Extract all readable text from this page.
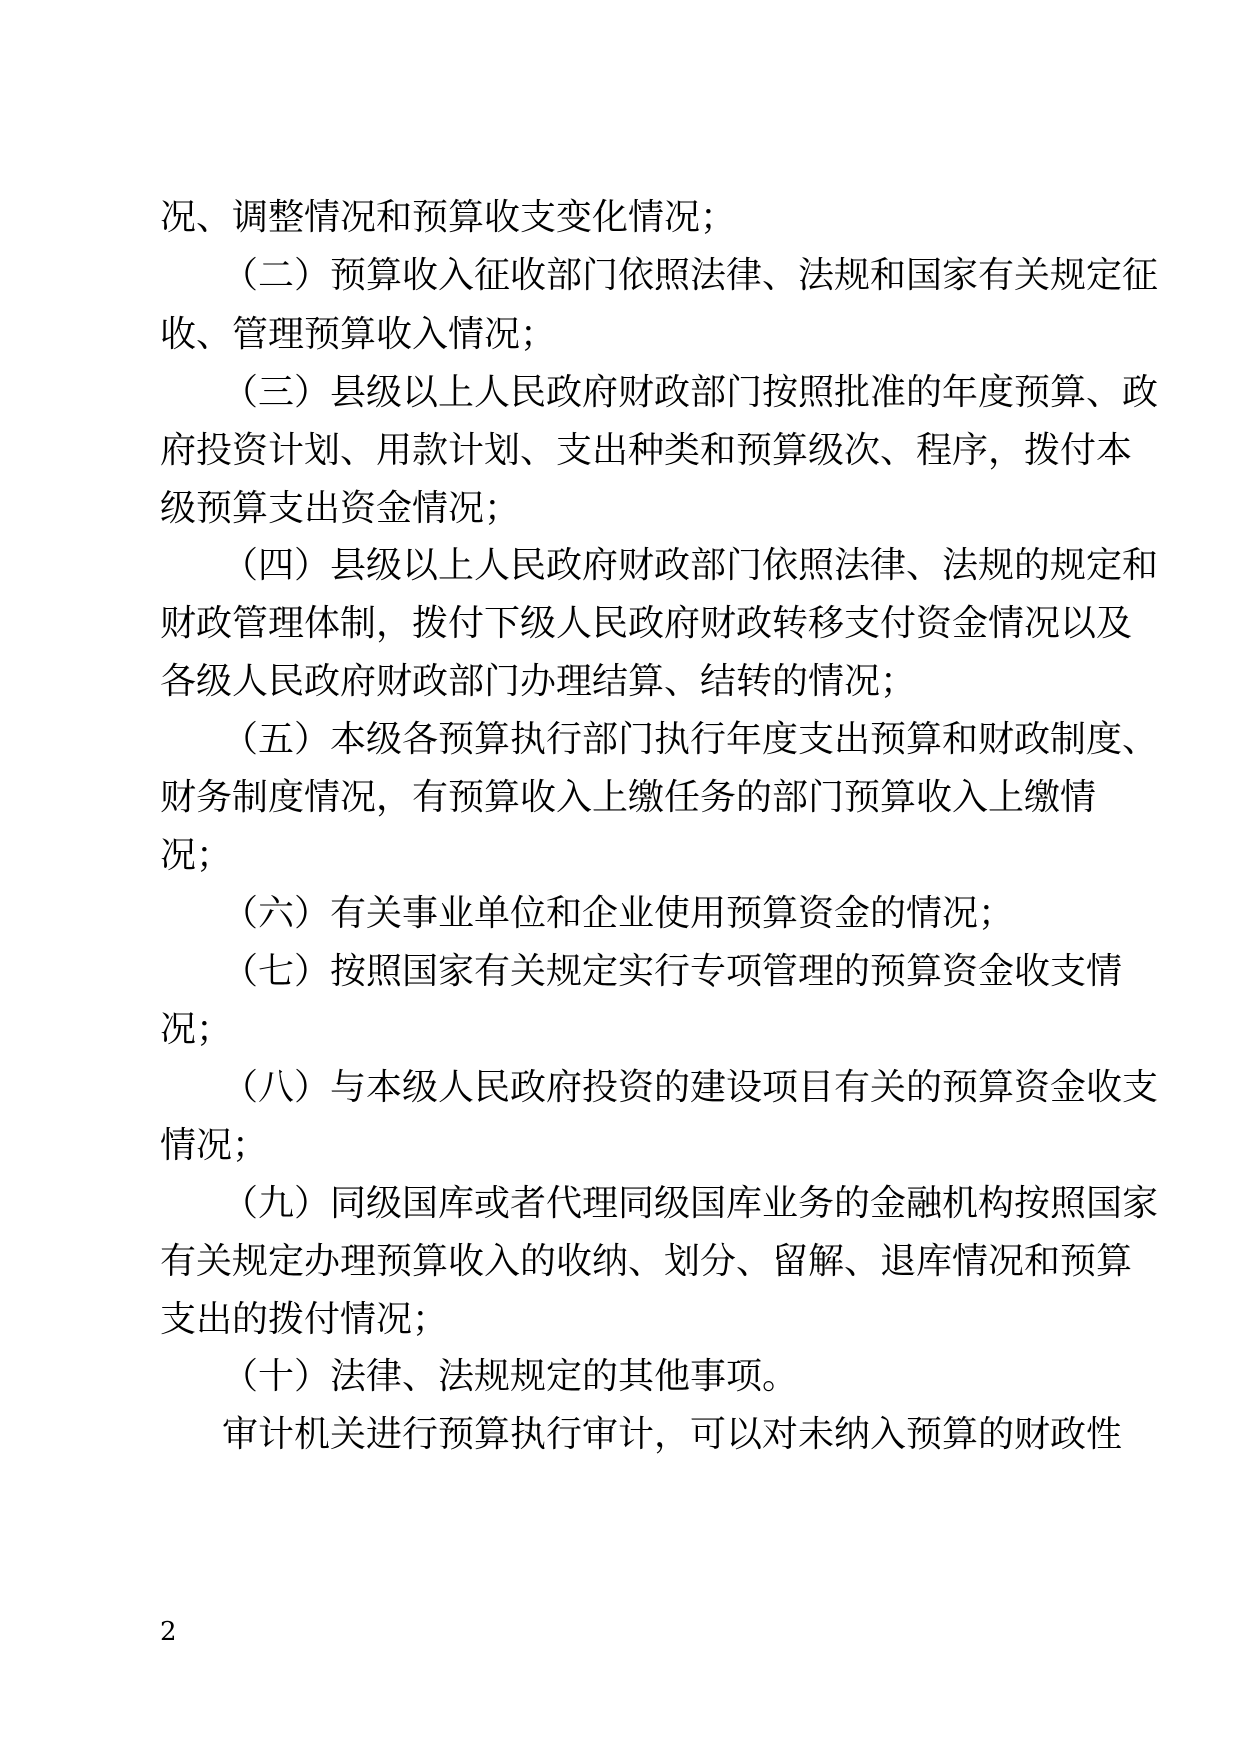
况、调整情况和预算收支变化情况；
（二）预算收入征收部门依照法律、法规和国家有关规定征
收、管理预算收入情况；
（三）县级以上人民政府财政部门按照批准的年度预算、政
府投资计划、用款计划、支出种类和预算级次、程序，拨付本
级预算支出资金情况；
（四）县级以上人民政府财政部门依照法律、法规的规定和
财政管理体制，拨付下级人民政府财政转移支付资金情况以及
各级人民政府财政部门办理结算、结转的情况；
（五）本级各预算执行部门执行年度支出预算和财政制度、
财务制度情况，有预算收入上缴任务的部门预算收入上缴情
况；
（六）有关事业单位和企业使用预算资金的情况；
（七）按照国家有关规定实行专项管理的预算资金收支情
况；
（八）与本级人民政府投资的建设项目有关的预算资金收支
情况；
（九）同级国库或者代理同级国库业务的金融机构按照国家
有关规定办理预算收入的收纳、划分、留解、退库情况和预算
支出的拨付情况；
（十）法律、法规规定的其他事项。
审计机关进行预算执行审计，可以对未纳入预算的财政性
2
